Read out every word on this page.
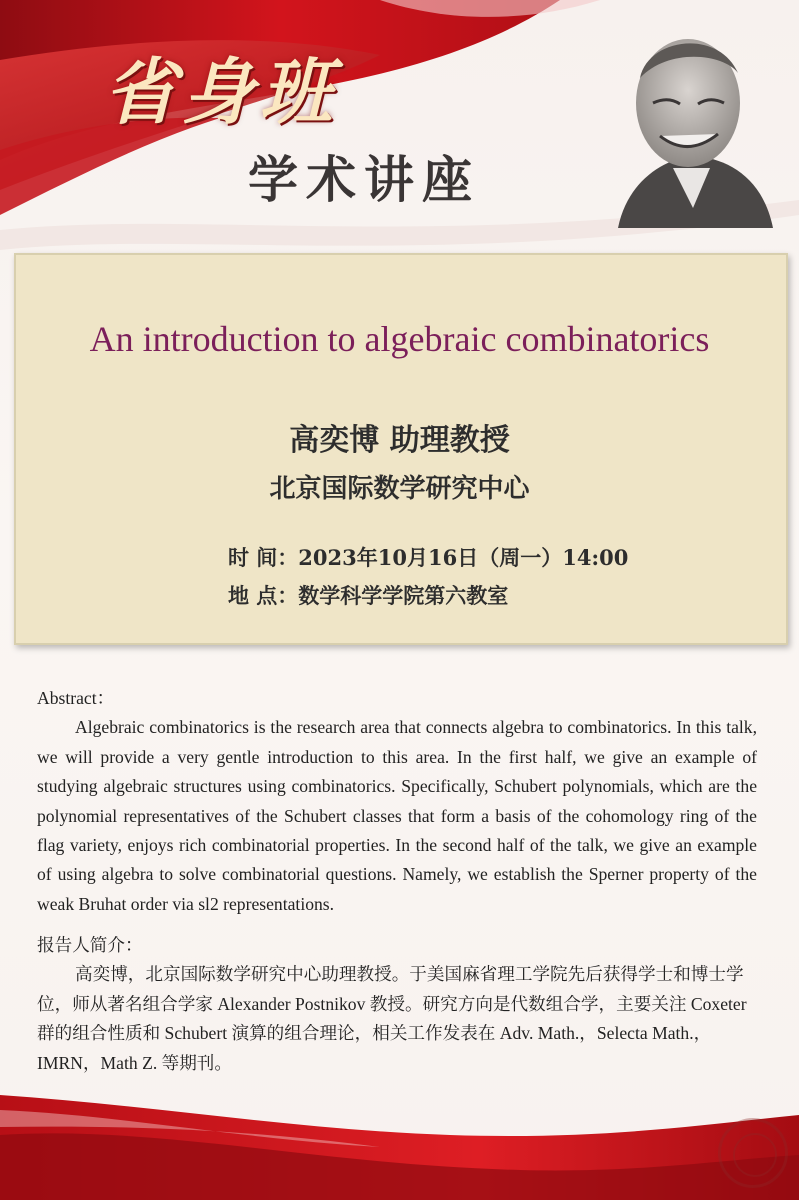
省身班
学术讲座
An introduction to algebraic combinatorics
高奕博 助理教授
北京国际数学研究中心
时 间：2023年10月16日（周一）14:00
地 点：数学科学学院第六教室
Abstract：
Algebraic combinatorics is the research area that connects algebra to combinatorics. In this talk, we will provide a very gentle introduction to this area. In the first half, we give an example of studying algebraic structures using combinatorics. Specifically, Schubert polynomials, which are the polynomial representatives of the Schubert classes that form a basis of the cohomology ring of the flag variety, enjoys rich combinatorial properties. In the second half of the talk, we give an example of using algebra to solve combinatorial questions. Namely, we establish the Sperner property of the weak Bruhat order via sl2 representations.
报告人简介：
高奕博，北京国际数学研究中心助理教授。于美国麻省理工学院先后获得学士和博士学位，师从著名组合学家 Alexander Postnikov 教授。研究方向是代数组合学，主要关注 Coxeter 群的组合性质和 Schubert 演算的组合理论，相关工作发表在 Adv. Math.，Selecta Math.，IMRN，Math Z. 等期刊。
